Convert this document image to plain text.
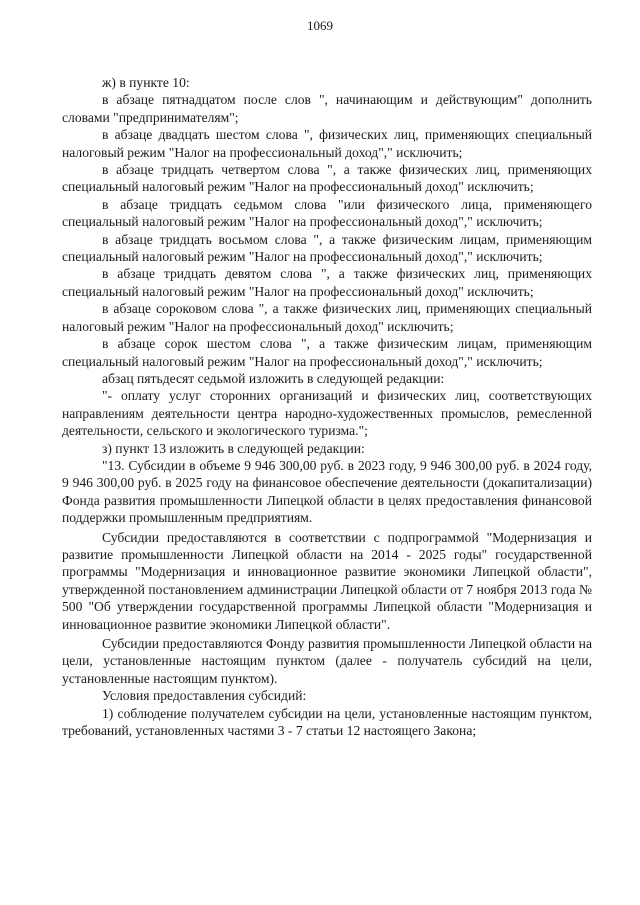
1069

ж) в пункте 10:

в абзаце пятнадцатом после слов ", начинающим и действующим" дополнить словами "предпринимателям";

в абзаце двадцать шестом слова ", физических лиц, применяющих специальный налоговый режим "Налог на профессиональный доход"," исключить;

в абзаце тридцать четвертом слова ", а также физических лиц, применяющих специальный налоговый режим "Налог на профессиональный доход" исключить;

в абзаце тридцать седьмом слова "или физического лица, применяющего специальный налоговый режим "Налог на профессиональный доход"," исключить;

в абзаце тридцать восьмом слова ", а также физическим лицам, применяющим специальный налоговый режим "Налог на профессиональный доход"," исключить;

в абзаце тридцать девятом слова ", а также физических лиц, применяющих специальный налоговый режим "Налог на профессиональный доход" исключить;

в абзаце сороковом слова ", а также физических лиц, применяющих специальный налоговый режим "Налог на профессиональный доход" исключить;

в абзаце сорок шестом слова ", а также физическим лицам, применяющим специальный налоговый режим "Налог на профессиональный доход"," исключить;

абзац пятьдесят седьмой изложить в следующей редакции:

"- оплату услуг сторонних организаций и физических лиц, соответствующих направлениям деятельности центра народно-художественных промыслов, ремесленной деятельности, сельского и экологического туризма.";

з) пункт 13 изложить в следующей редакции:

"13. Субсидии в объеме 9 946 300,00 руб. в 2023 году, 9 946 300,00 руб. в 2024 году, 9 946 300,00 руб. в 2025 году на финансовое обеспечение деятельности (докапитализации) Фонда развития промышленности Липецкой области в целях предоставления финансовой поддержки промышленным предприятиям.

Субсидии предоставляются в соответствии с подпрограммой "Модернизация и развитие промышленности Липецкой области на 2014 - 2025 годы" государственной программы "Модернизация и инновационное развитие экономики Липецкой области", утвержденной постановлением администрации Липецкой области от 7 ноября 2013 года № 500 "Об утверждении государственной программы Липецкой области "Модернизация и инновационное развитие экономики Липецкой области".

Субсидии предоставляются Фонду развития промышленности Липецкой области на цели, установленные настоящим пунктом (далее - получатель субсидий на цели, установленные настоящим пунктом).

Условия предоставления субсидий:

1) соблюдение получателем субсидии на цели, установленные настоящим пунктом, требований, установленных частями 3 - 7 статьи 12 настоящего Закона;
